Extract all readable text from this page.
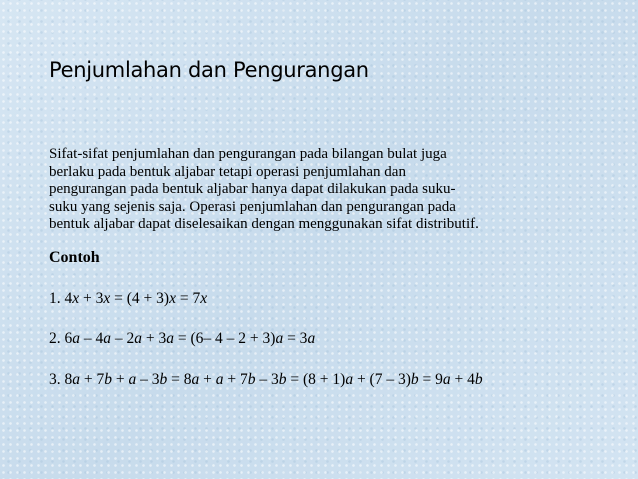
Penjumlahan dan Pengurangan
Sifat-sifat penjumlahan dan pengurangan pada bilangan bulat juga
berlaku pada bentuk aljabar tetapi operasi penjumlahan dan
pengurangan pada bentuk aljabar hanya dapat dilakukan pada suku-
suku yang sejenis saja. Operasi penjumlahan dan pengurangan pada
bentuk aljabar dapat diselesaikan dengan menggunakan sifat distributif.
Contoh
1. 4x + 3x = (4 + 3)x = 7x
2. 6a – 4a – 2a + 3a = (6– 4 – 2 + 3)a = 3a
3. 8a + 7b + a – 3b = 8a + a + 7b – 3b = (8 + 1)a + (7 – 3)b = 9a + 4b
